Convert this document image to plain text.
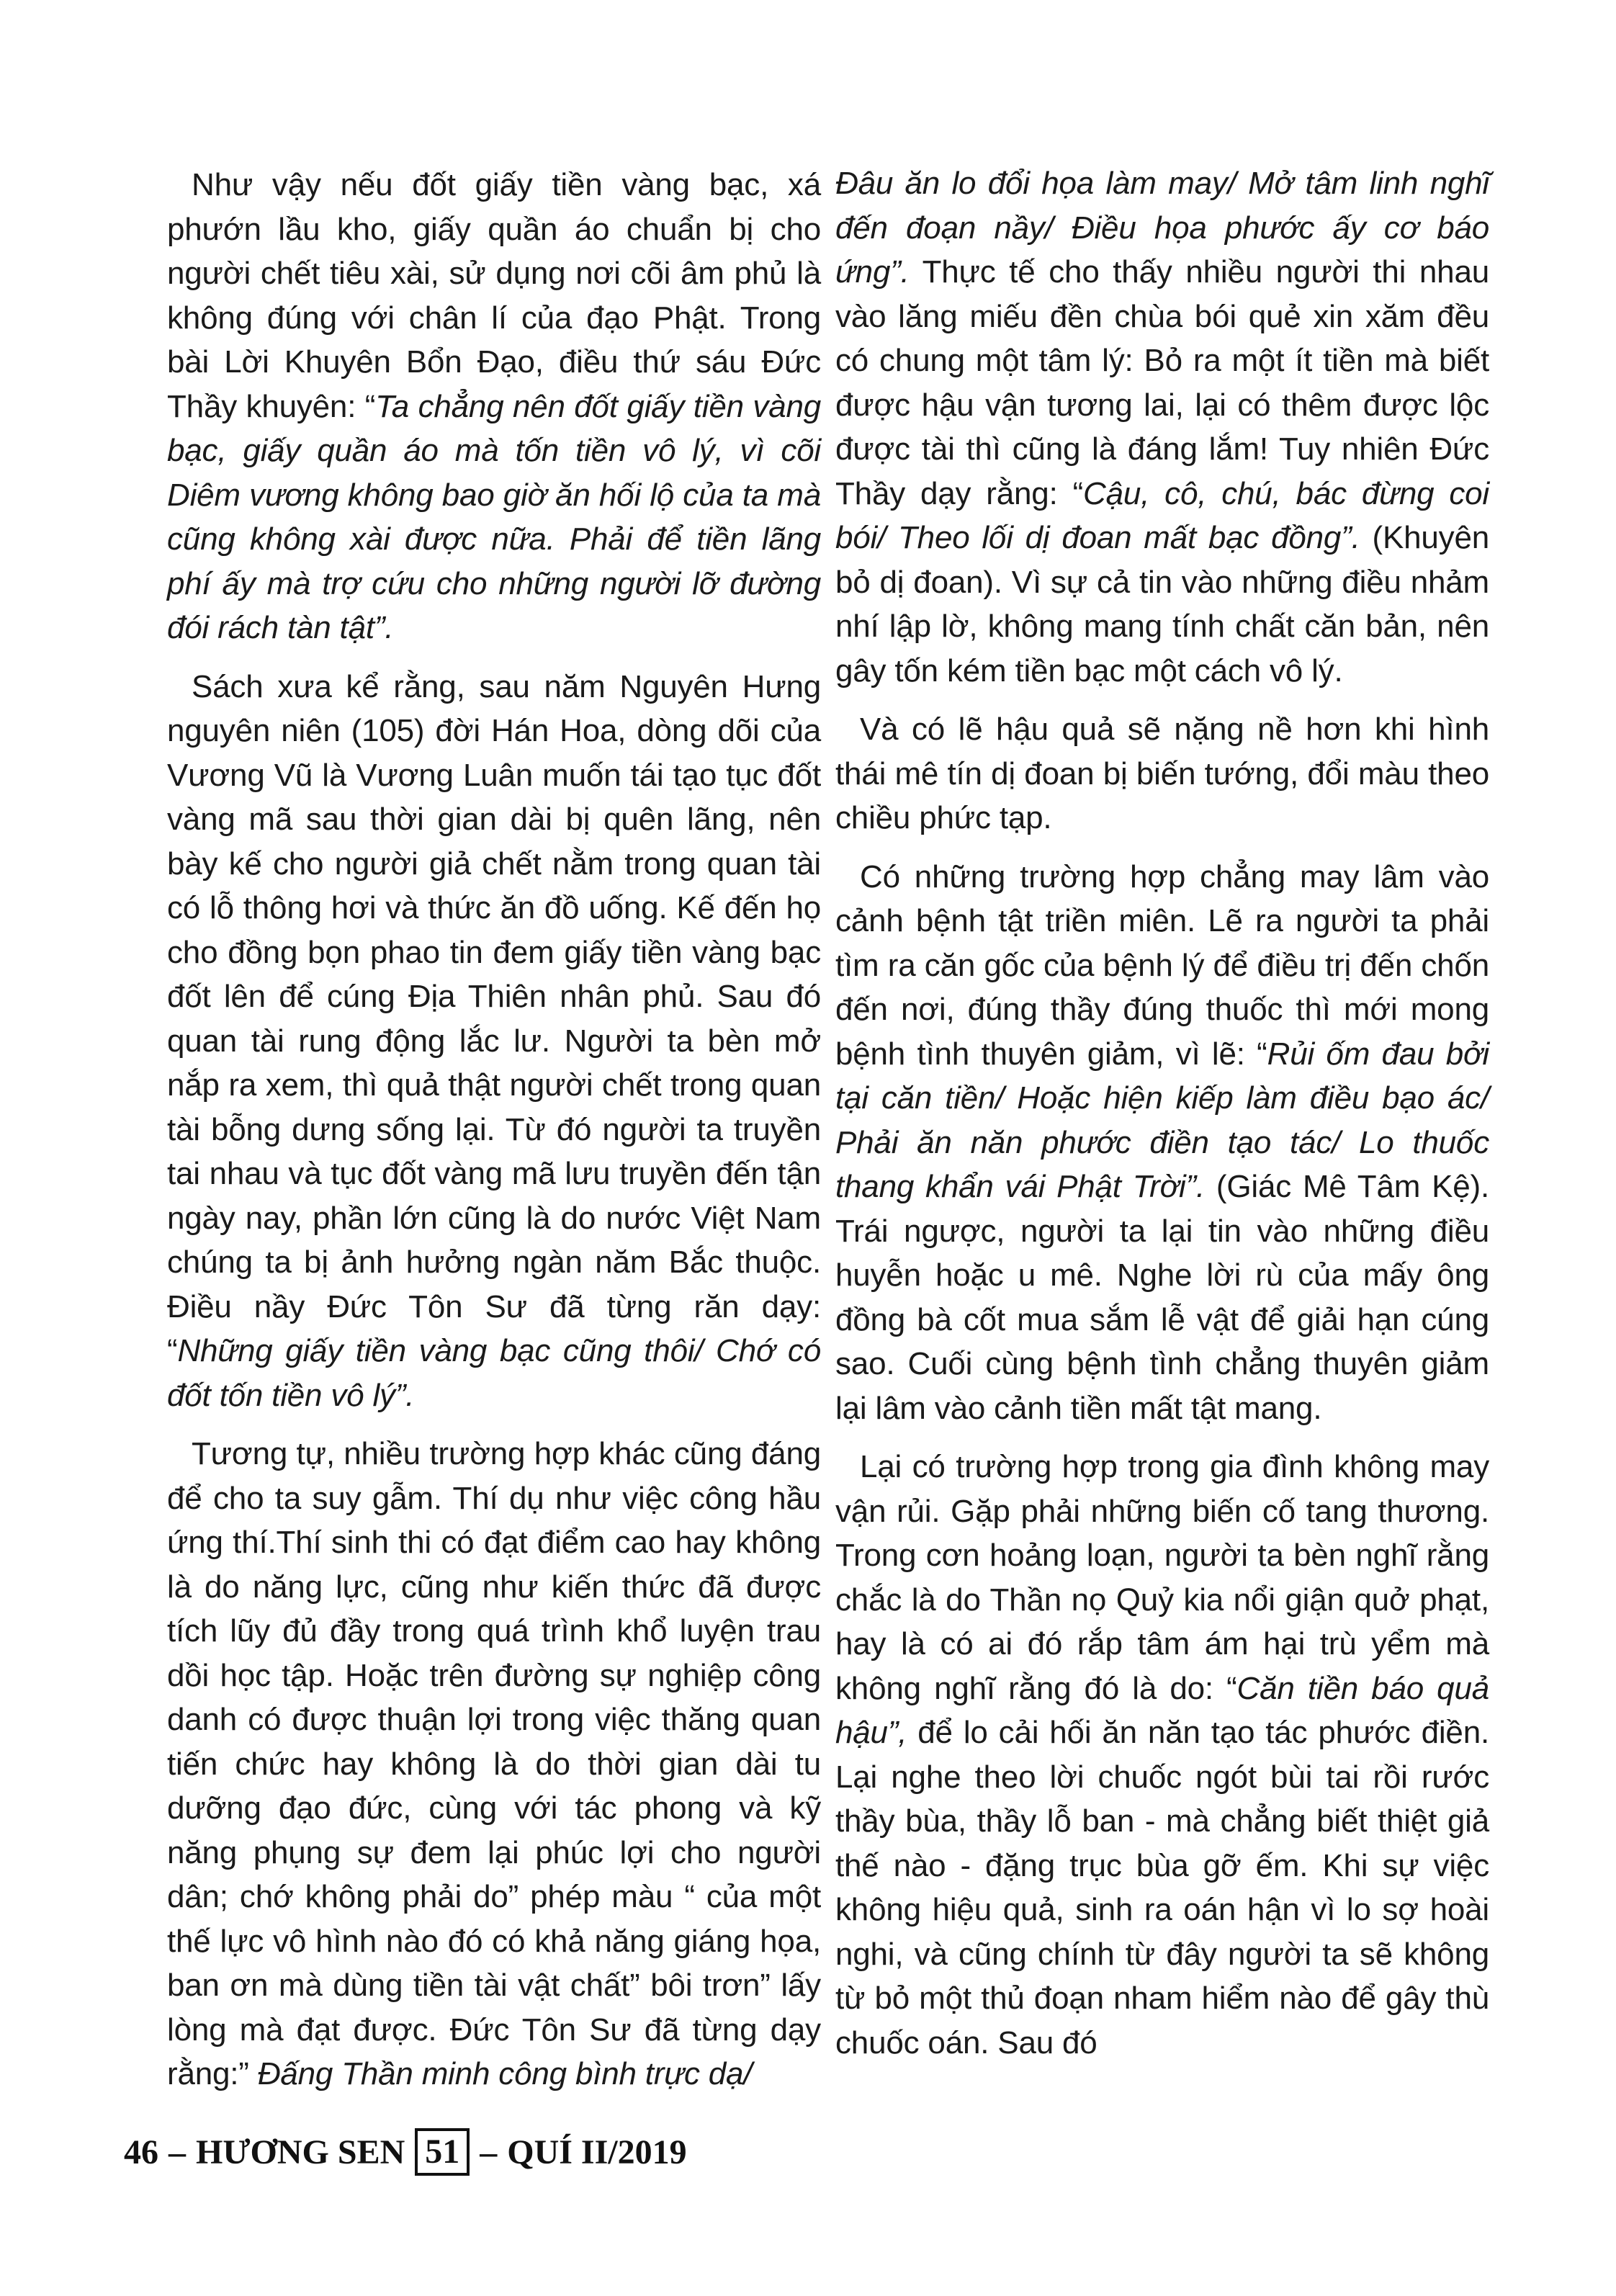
Như vậy nếu đốt giấy tiền vàng bạc, xá phướn lầu kho, giấy quần áo chuẩn bị cho người chết tiêu xài, sử dụng nơi cõi âm phủ là không đúng với chân lí của đạo Phật. Trong bài Lời Khuyên Bổn Đạo, điều thứ sáu Đức Thầy khuyên: “Ta chẳng nên đốt giấy tiền vàng bạc, giấy quần áo mà tốn tiền vô lý, vì cõi Diêm vương không bao giờ ăn hối lộ của ta mà cũng không xài được nữa. Phải để tiền lãng phí ấy mà trợ cứu cho những người lỡ đường đói rách tàn tật”.

Sách xưa kể rằng, sau năm Nguyên Hưng nguyên niên (105) đời Hán Hoa, dòng dõi của Vương Vũ là Vương Luân muốn tái tạo tục đốt vàng mã sau thời gian dài bị quên lãng, nên bày kế cho người giả chết nằm trong quan tài có lỗ thông hơi và thức ăn đồ uống. Kế đến họ cho đồng bọn phao tin đem giấy tiền vàng bạc đốt lên để cúng Địa Thiên nhân phủ. Sau đó quan tài rung động lắc lư. Người ta bèn mở nắp ra xem, thì quả thật người chết trong quan tài bỗng dưng sống lại. Từ đó người ta truyền tai nhau và tục đốt vàng mã lưu truyền đến tận ngày nay, phần lớn cũng là do nước Việt Nam chúng ta bị ảnh hưởng ngàn năm Bắc thuộc. Điều nầy Đức Tôn Sư đã từng răn dạy: “Những giấy tiền vàng bạc cũng thôi/ Chớ có đốt tốn tiền vô lý”.

Tương tự, nhiều trường hợp khác cũng đáng để cho ta suy gẫm. Thí dụ như việc công hầu ứng thí.Thí sinh thi có đạt điểm cao hay không là do năng lực, cũng như kiến thức đã được tích lũy đủ đầy trong quá trình khổ luyện trau dồi học tập. Hoặc trên đường sự nghiệp công danh có được thuận lợi trong việc thăng quan tiến chức hay không là do thời gian dài tu dưỡng đạo đức, cùng với tác phong và kỹ năng phụng sự đem lại phúc lợi cho người dân; chớ không phải do” phép màu “ của một thế lực vô hình nào đó có khả năng giáng họa, ban ơn mà dùng tiền tài vật chất” bôi trơn” lấy lòng mà đạt được. Đức Tôn Sư đã từng dạy rằng:” Đấng Thần minh công bình trực dạ/

Đâu ăn lo đổi họa làm may/ Mở tâm linh nghĩ đến đoạn nầy/ Điều họa phước ấy cơ báo ứng”. Thực tế cho thấy nhiều người thi nhau vào lăng miếu đền chùa bói quẻ xin xăm đều có chung một tâm lý: Bỏ ra một ít tiền mà biết được hậu vận tương lai, lại có thêm được lộc được tài thì cũng là đáng lắm! Tuy nhiên Đức Thầy dạy rằng: “Cậu, cô, chú, bác đừng coi bói/ Theo lối dị đoan mất bạc đồng”. (Khuyên bỏ dị đoan). Vì sự cả tin vào những điều nhảm nhí lập lờ, không mang tính chất căn bản, nên gây tốn kém tiền bạc một cách vô lý.

Và có lẽ hậu quả sẽ nặng nề hơn khi hình thái mê tín dị đoan bị biến tướng, đổi màu theo chiều phức tạp.

Có những trường hợp chẳng may lâm vào cảnh bệnh tật triền miên. Lẽ ra người ta phải tìm ra căn gốc của bệnh lý để điều trị đến chốn đến nơi, đúng thầy đúng thuốc thì mới mong bệnh tình thuyên giảm, vì lẽ: “Rủi ốm đau bởi tại căn tiền/ Hoặc hiện kiếp làm điều bạo ác/ Phải ăn năn phước điền tạo tác/ Lo thuốc thang khẩn vái Phật Trời”. (Giác Mê Tâm Kệ). Trái ngược, người ta lại tin vào những điều huyễn hoặc u mê. Nghe lời rù của mấy ông đồng bà cốt mua sắm lễ vật để giải hạn cúng sao. Cuối cùng bệnh tình chẳng thuyên giảm lại lâm vào cảnh tiền mất tật mang.

Lại có trường hợp trong gia đình không may vận rủi. Gặp phải những biến cố tang thương. Trong cơn hoảng loạn, người ta bèn nghĩ rằng chắc là do Thần nọ Quỷ kia nổi giận quở phạt, hay là có ai đó rắp tâm ám hại trù yểm mà không nghĩ rằng đó là do: “Căn tiền báo quả hậu”, để lo cải hối ăn năn tạo tác phước điền. Lại nghe theo lời chuốc ngót bùi tai rồi rước thầy bùa, thầy lỗ ban - mà chẳng biết thiệt giả thế nào - đặng trục bùa gỡ ếm. Khi sự việc không hiệu quả, sinh ra oán hận vì lo sợ hoài nghi, và cũng chính từ đây người ta sẽ không từ bỏ một thủ đoạn nham hiểm nào để gây thù chuốc oán. Sau đó

46 – HƯƠNG SEN 51 – QUÍ II/2019
